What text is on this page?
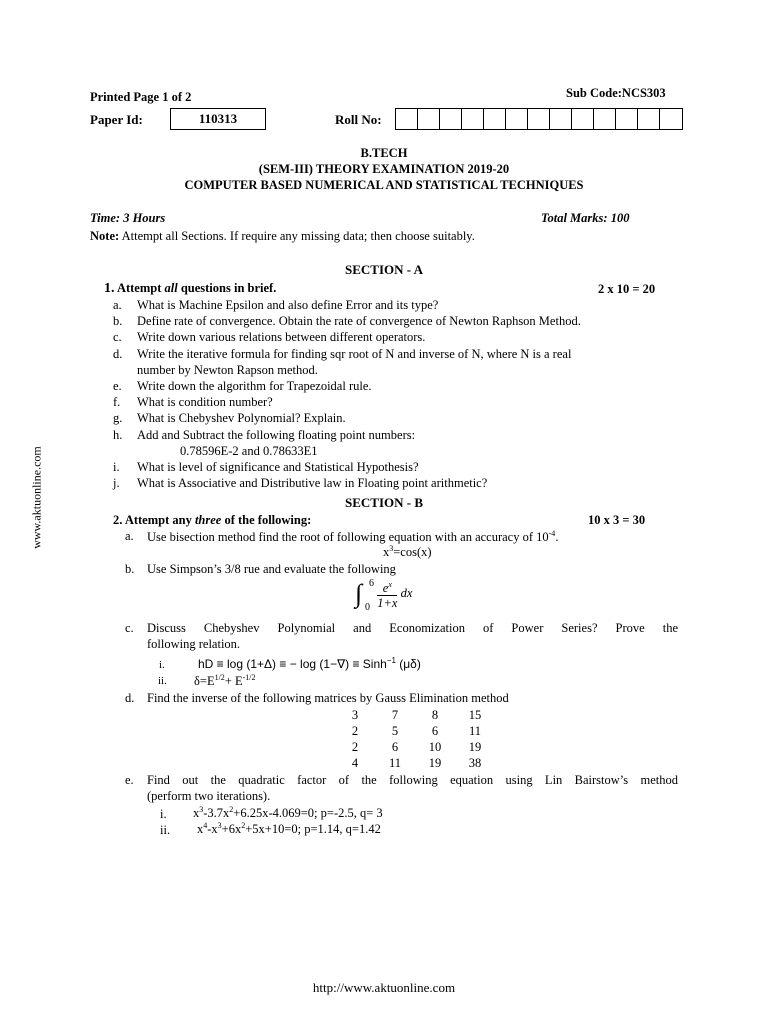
Printed Page 1 of 2	Sub Code:NCS303
Paper Id:	110313	Roll No:
B.TECH
(SEM-III) THEORY EXAMINATION 2019-20
COMPUTER BASED NUMERICAL AND STATISTICAL TECHNIQUES
Time: 3 Hours	Total Marks: 100
Note: Attempt all Sections. If require any missing data; then choose suitably.
SECTION - A
1. Attempt all questions in brief.	2 x 10 = 20
a. What is Machine Epsilon and also define Error and its type?
b. Define rate of convergence. Obtain the rate of convergence of Newton Raphson Method.
c. Write down various relations between different operators.
d. Write the iterative formula for finding sqr root of N and inverse of N, where N is a real
number by Newton Rapson method.
e. Write down the algorithm for Trapezoidal rule.
f. What is condition number?
g. What is Chebyshev Polynomial? Explain.
h. Add and Subtract the following floating point numbers:
0.78596E-2 and 0.78633E1
i. What is level of significance and Statistical Hypothesis?
j. What is Associative and Distributive law in Floating point arithmetic?
SECTION - B
2. Attempt any three of the following:	10 x 3 = 30
a. Use bisection method find the root of following equation with an accuracy of $10^{-4}$.
$x^3=\cos(x)$
b. Use Simpson’s 3/8 rue and evaluate the following
∫ 6
$0 \frac{e^x}{1+x}$ dx
c. Discuss Chebyshev Polynomial and Economization of Power Series? Prove the
following relation.
i.	hD ≡ log (1+Δ) ≡ − log (1−∇) ≡ Sinh$^{-1}$ (μδ)
ii. $\delta=E^{1/2}+ E^{-1/2}$
d. Find the inverse of the following matrices by Gauss Elimination method
3	7	8	15
2	5	6	11
2	6	10	19
4	11	19	38
e. Find out the quadratic factor of the following equation using Lin Bairstow’s method
(perform two iterations).
i. $x^3-3.7x^2+6.25x-4.069=0$; p=-2.5, q= 3
ii. $x^4-x^3+6x^2+5x+10=0$; p=1.14, q=1.42
www.aktuonline.com
http://www.aktuonline.com
